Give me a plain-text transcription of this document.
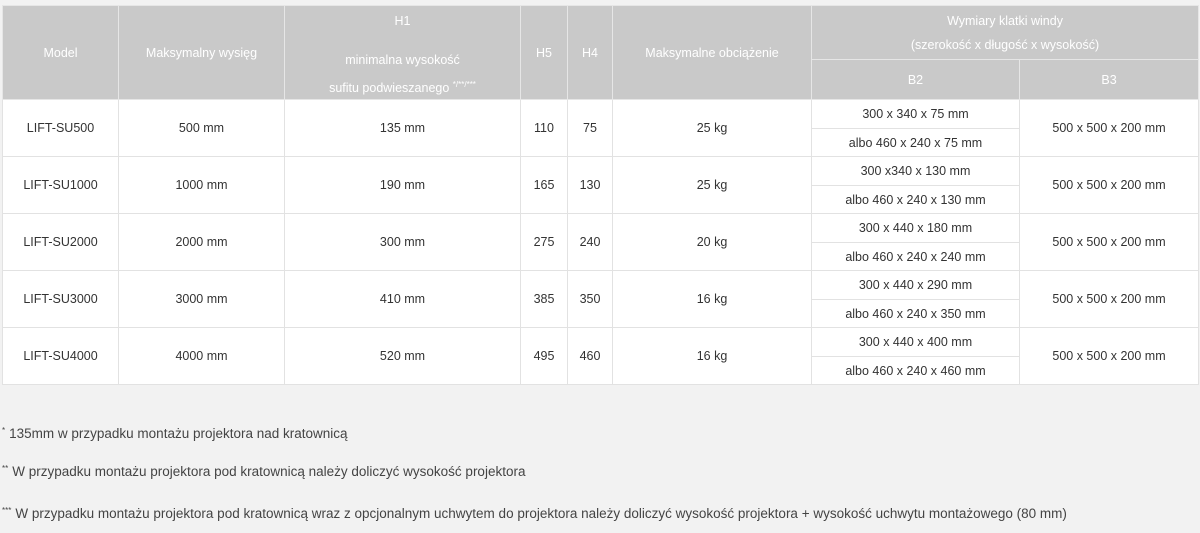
Model	Maksymalny wysięg	H1
minimalna wysokość
sufitu podwieszanego */**/***	H5	H4	Maksymalne obciążenie	Wymiary klatki windy
(szerokość x długość x wysokość)	

						B2	B3
LIFT-SU500	500 mm	135 mm	110	75	25 kg	300 x 340 x 75 mm	500 x 500 x 200 mm
						albo 460 x 240 x 75 mm	
LIFT-SU1000	1000 mm	190 mm	165	130	25 kg	300 x340 x 130 mm	500 x 500 x 200 mm
						albo 460 x 240 x 130 mm	
LIFT-SU2000	2000 mm	300 mm	275	240	20 kg	300 x 440 x 180 mm	500 x 500 x 200 mm
						albo 460 x 240 x 240 mm	
LIFT-SU3000	3000 mm	410 mm	385	350	16 kg	300 x 440 x 290 mm	500 x 500 x 200 mm
						albo 460 x 240 x 350 mm	
LIFT-SU4000	4000 mm	520 mm	495	460	16 kg	300 x 440 x 400 mm	500 x 500 x 200 mm
						albo 460 x 240 x 460 mm	
* 135mm w przypadku montażu projektora nad kratownicą
** W przypadku montażu projektora pod kratownicą należy doliczyć wysokość projektora
*** W przypadku montażu projektora pod kratownicą wraz z opcjonalnym uchwytem do projektora należy doliczyć wysokość projektora + wysokość uchwytu montażowego (80 mm)
